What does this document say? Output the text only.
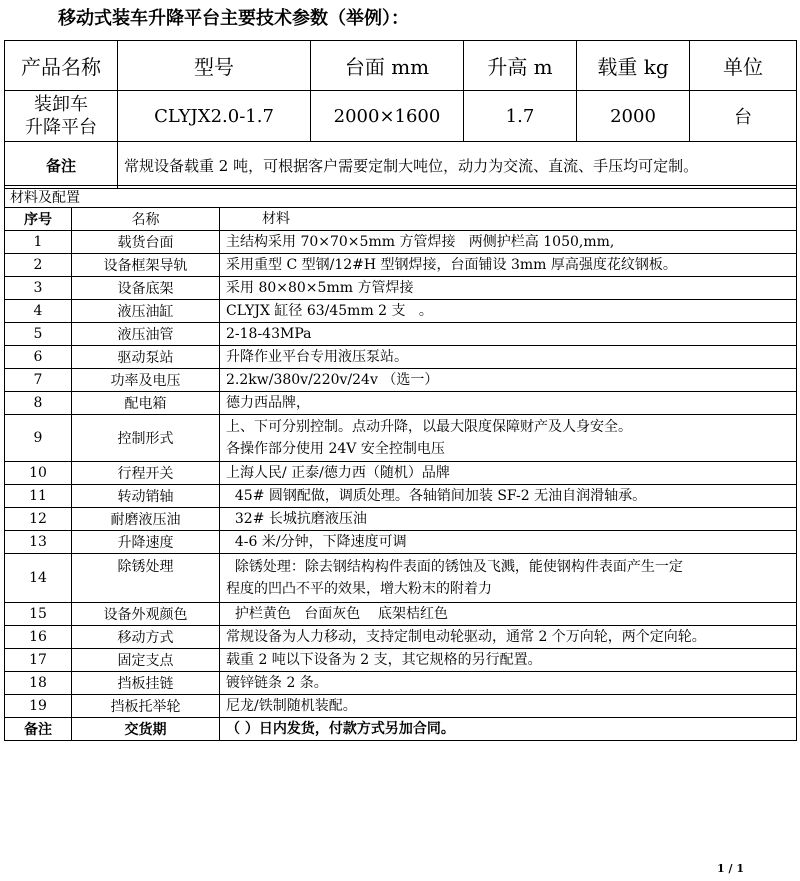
移动式装车升降平台主要技术参数（举例）：
产品名称	型号	台面 mm	升高 m	载重 kg	单位

装卸车
升降平台	CLYJX2.0-1.7	2000×1600	1.7	2000	台
备注	常规设备载重 2 吨，可根据客户需要定制大吨位，动力为交流、直流、手压均可定制。				
材料及配置		
序号	名称	材料
1	载货台面	主结构采用 70×70×5mm 方管焊接   两侧护栏高 1050,mm,

2	设备框架导轨	采用重型 C 型钢/12#H 型钢焊接，台面铺设 3mm 厚高强度花纹钢板。

3	设备底架	采用 80×80×5mm 方管焊接

4	液压油缸	CLYJX 缸径 63/45mm 2 支   。

5	液压油管	2-18-43MPa

6	驱动泵站	升降作业平台专用液压泵站。

7	功率及电压	2.2kw/380v/220v/24v （选一）

8	配电箱	德力西品牌，

9	控制形式	上、下可分别控制。点动升降，以最大限度保障财产及人身安全。
各操作部分使用 24V 安全控制电压

10	行程开关	上海人民/ 正泰/德力西（随机）品牌

11	转动销轴	45# 圆钢配做，调质处理。各轴销间加装 SF-2 无油自润滑轴承。

12	耐磨液压油	32# 长城抗磨液压油

13	升降速度	4-6 米/分钟，下降速度可调

14	除锈处理	除锈处理：除去钢结构构件表面的锈蚀及飞溅，能使钢构件表面产生一定
程度的凹凸不平的效果，增大粉末的附着力

15	设备外观颜色	护栏黄色   台面灰色    底架桔红色

16	移动方式	常规设备为人力移动，支持定制电动轮驱动，通常 2 个万向轮，两个定向轮。

17	固定支点	载重 2 吨以下设备为 2 支，其它规格的另行配置。

18	挡板挂链	镀锌链条 2 条。

19	挡板托举轮	尼龙/铁制随机装配。

备注	交货期	（ ）日内发货，付款方式另加合同。
1 / 1
